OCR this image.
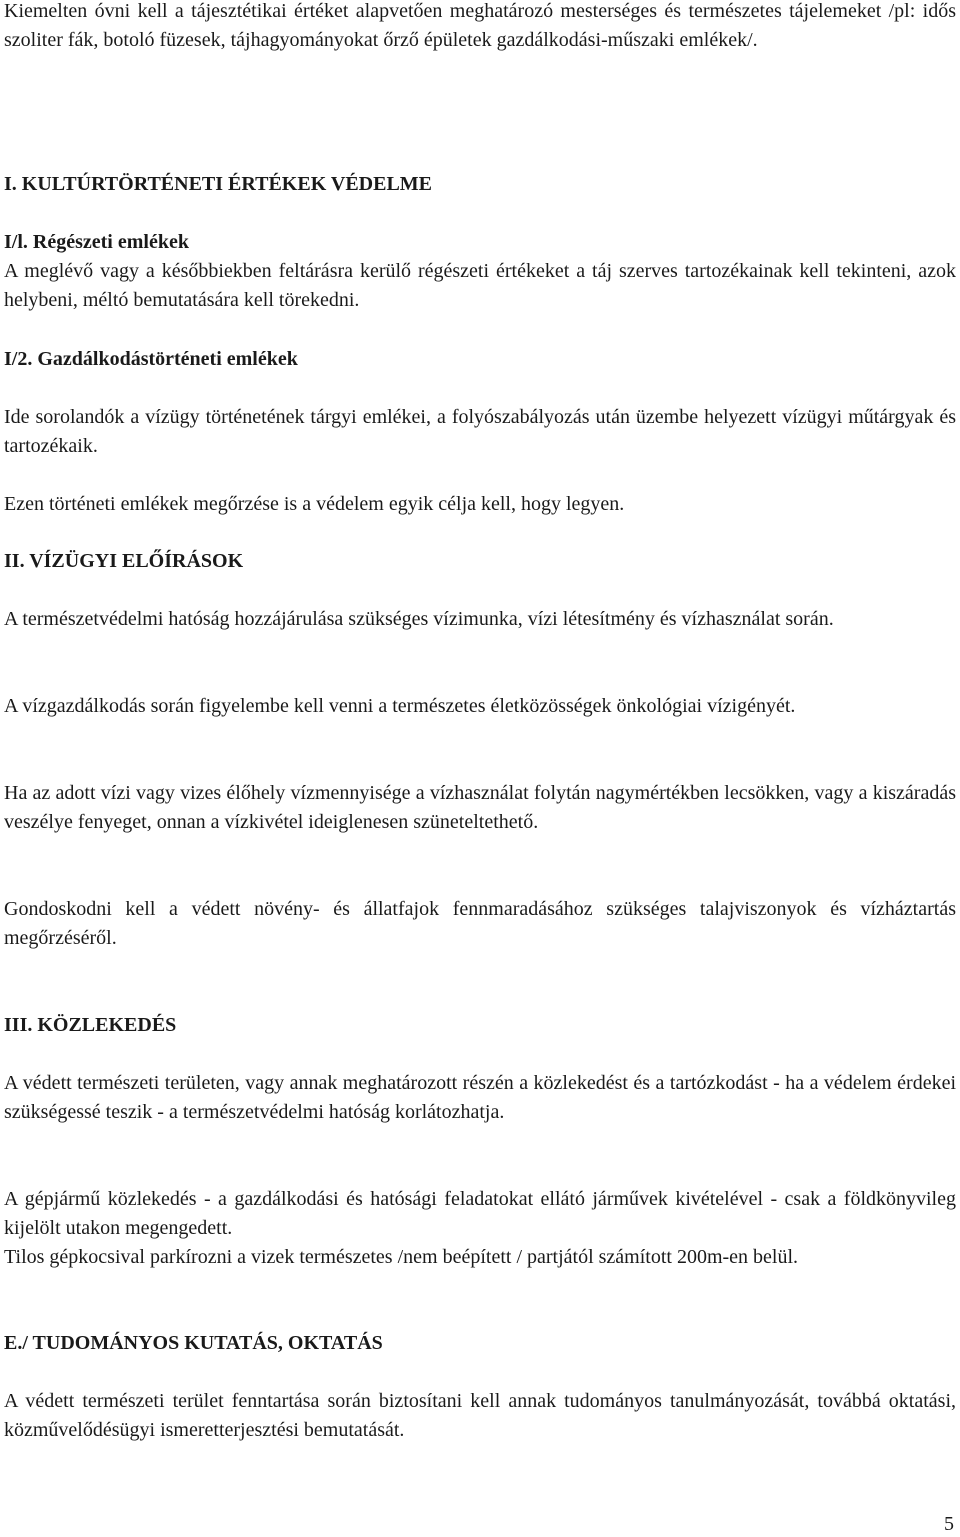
Kiemelten óvni kell a tájesztétikai értéket alapvetően meghatározó mesterséges és természetes tájelemeket /pl: idős szoliter fák, botoló füzesek, tájhagyományokat őrző épületek gazdálkodási-műszaki emlékek/.

I. KULTÚRTÖRTÉNETI ÉRTÉKEK VÉDELME

I/l. Régészeti emlékek

A meglévő vagy a későbbiekben feltárásra kerülő régészeti értékeket a táj szerves tartozékainak kell tekinteni, azok helybeni, méltó bemutatására kell törekedni.

I/2. Gazdálkodástörténeti emlékek

Ide sorolandók a vízügy történetének tárgyi emlékei, a folyószabályozás után üzembe helyezett vízügyi műtárgyak és tartozékaik.

Ezen történeti emlékek megőrzése is a védelem egyik célja kell, hogy legyen.

II. VÍZÜGYI ELŐÍRÁSOK

A természetvédelmi hatóság hozzájárulása szükséges vízimunka, vízi létesítmény és vízhasználat során.

A vízgazdálkodás során figyelembe kell venni a természetes életközösségek önkológiai vízigényét.

Ha az adott vízi vagy vizes élőhely vízmennyisége a vízhasználat folytán nagymértékben lecsökken, vagy a kiszáradás veszélye fenyeget, onnan a vízkivétel ideiglenesen szüneteltethető.

Gondoskodni kell a védett növény- és állatfajok fennmaradásához szükséges talajviszonyok és vízháztartás megőrzéséről.

III. KÖZLEKEDÉS

A védett természeti területen, vagy annak meghatározott részén a közlekedést és a tartózkodást - ha a védelem érdekei szükségessé teszik - a természetvédelmi hatóság korlátozhatja.

A gépjármű közlekedés - a gazdálkodási és hatósági feladatokat ellátó járművek kivételével - csak a földkönyvileg kijelölt utakon megengedett.

Tilos gépkocsival parkírozni a vizek természetes /nem beépített / partjától számított 200m-en belül.

E./ TUDOMÁNYOS KUTATÁS, OKTATÁS

A védett természeti terület fenntartása során biztosítani kell annak tudományos tanulmányozását, továbbá oktatási, közművelődésügyi ismeretterjesztési bemutatását.

5
